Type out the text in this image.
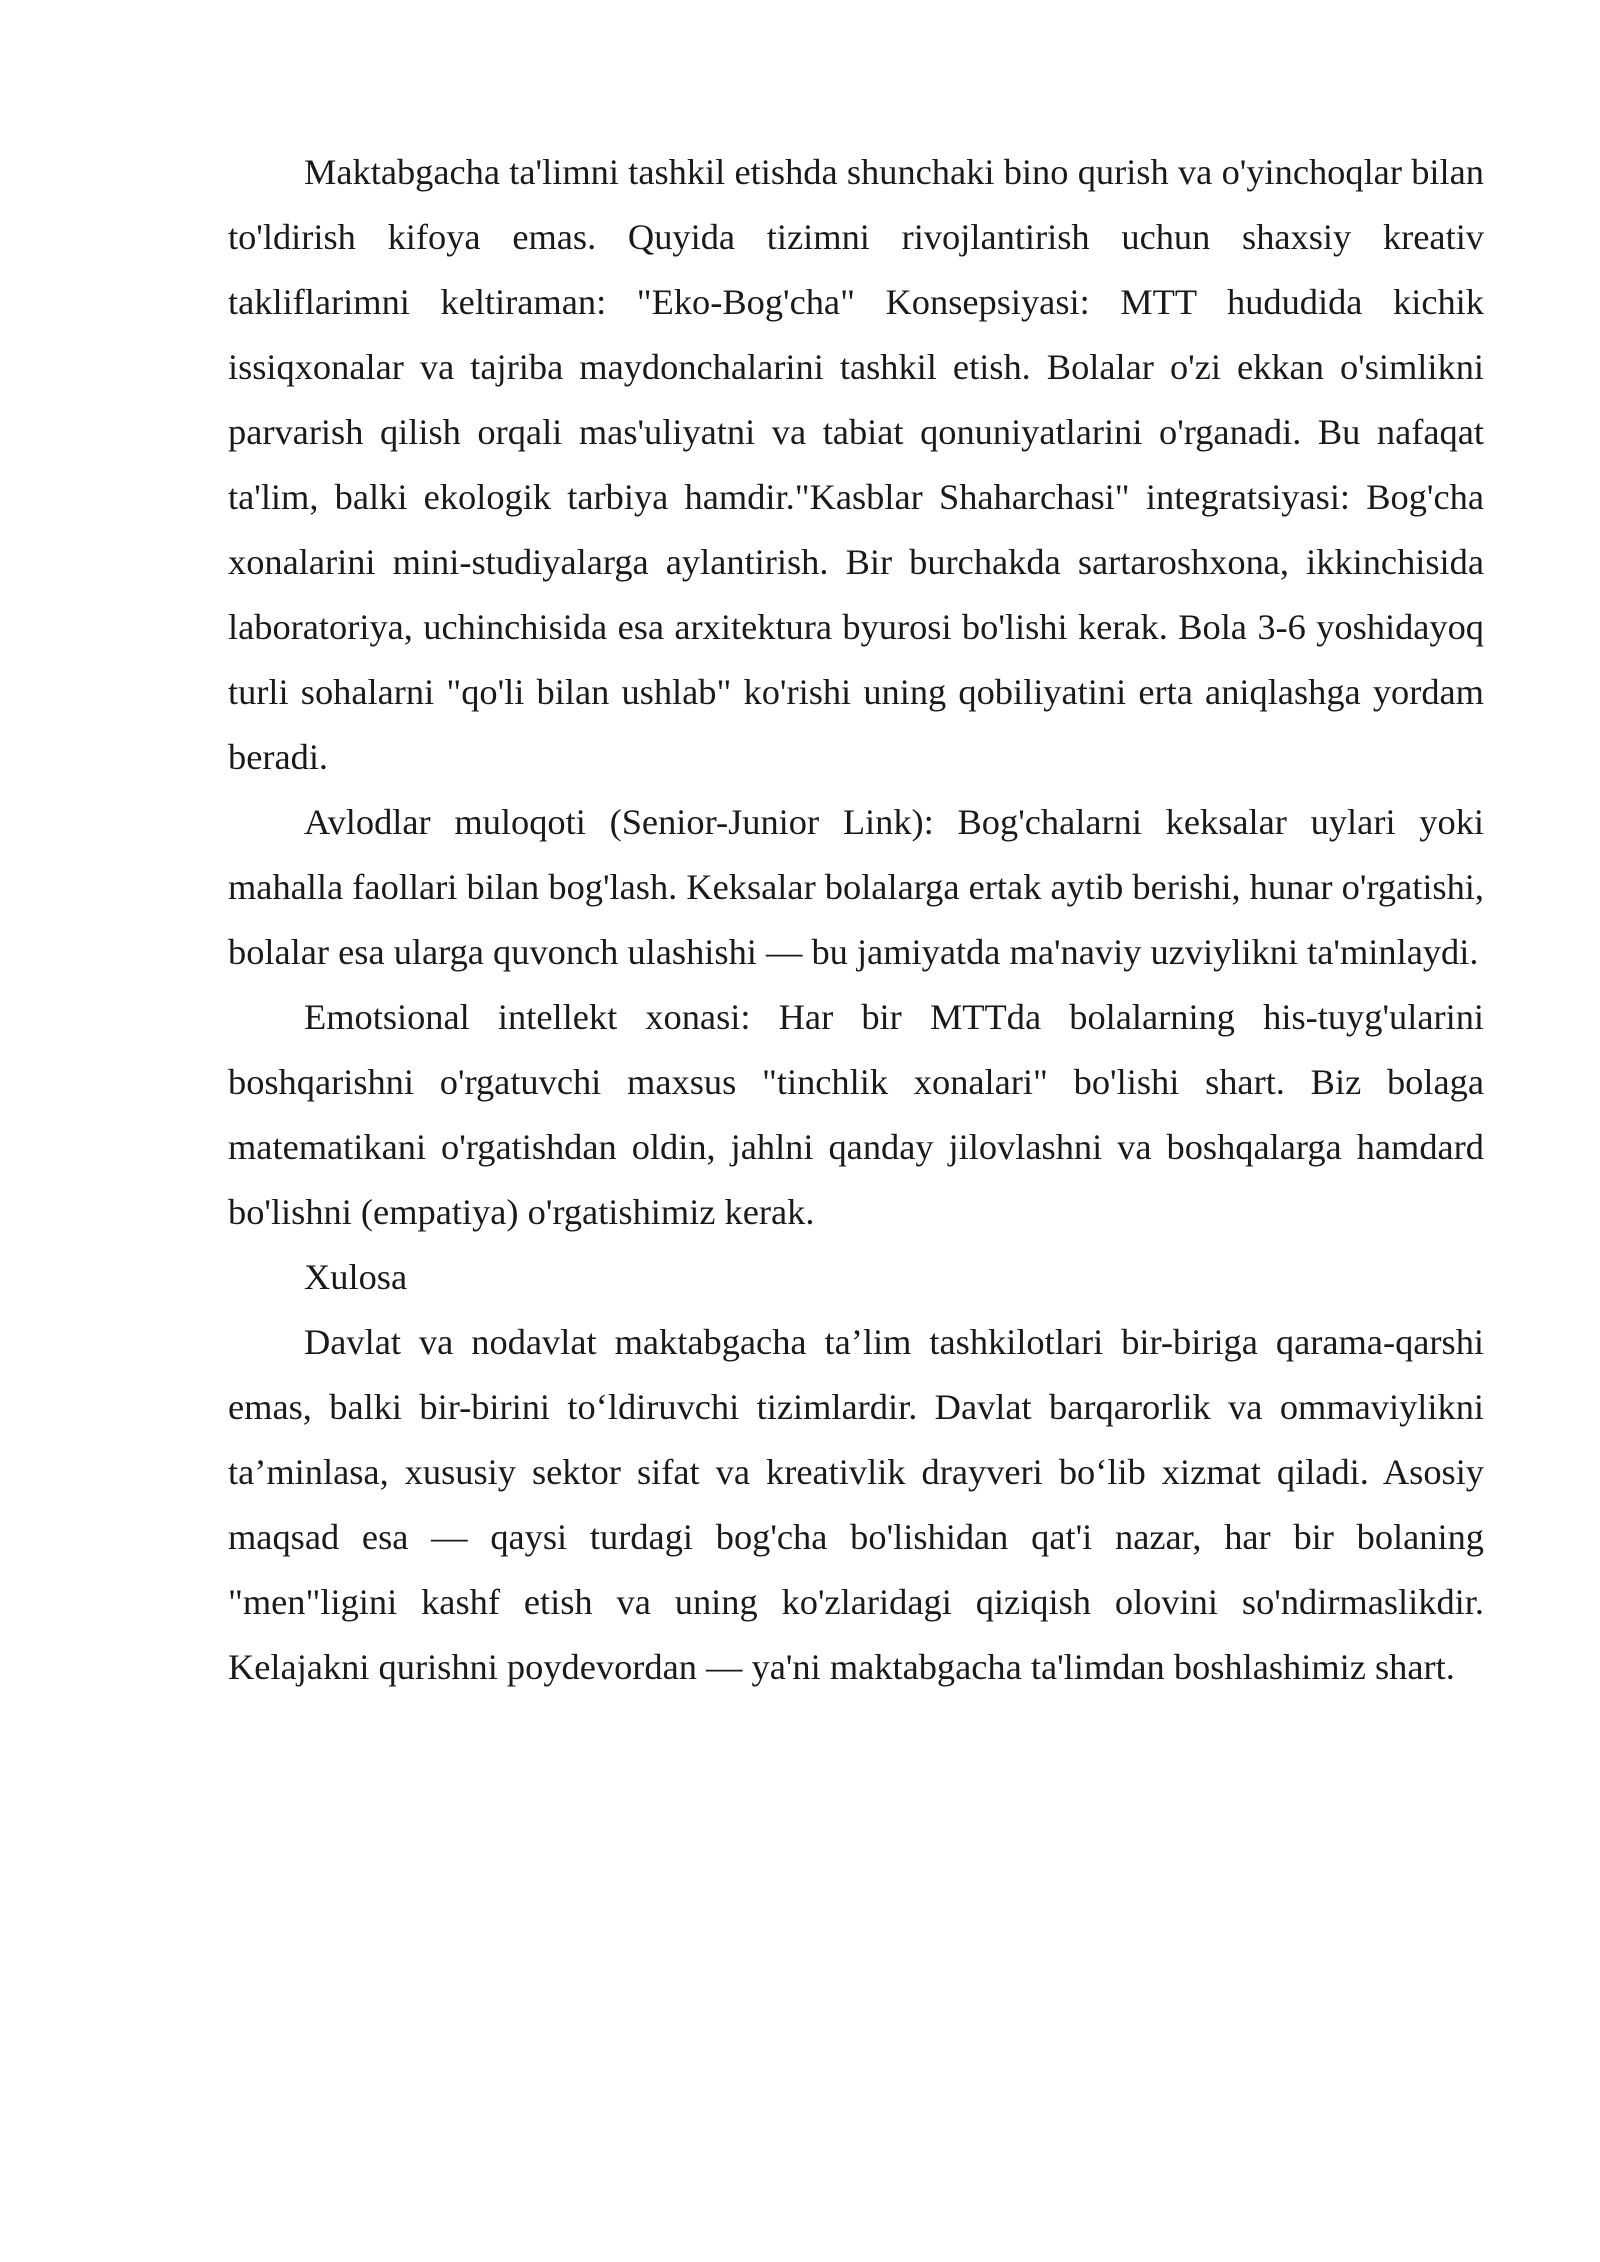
Maktabgacha ta'limni tashkil etishda shunchaki bino qurish va o'yinchoqlar bilan to'ldirish kifoya emas. Quyida tizimni rivojlantirish uchun shaxsiy kreativ takliflarimni keltiraman: "Eko-Bog'cha" Konsepsiyasi: MTT hududida kichik issiqxonalar va tajriba maydonchalarini tashkil etish. Bolalar o'zi ekkan o'simlikni parvarish qilish orqali mas'uliyatni va tabiat qonuniyatlarini o'rganadi. Bu nafaqat ta'lim, balki ekologik tarbiya hamdir."Kasblar Shaharchasi" integratsiyasi: Bog'cha xonalarini mini-studiyalarga aylantirish. Bir burchakda sartaroshxona, ikkinchisida laboratoriya, uchinchisida esa arxitektura byurosi bo'lishi kerak. Bola 3-6 yoshidayoq turli sohalarni "qo'li bilan ushlab" ko'rishi uning qobiliyatini erta aniqlashga yordam beradi.

Avlodlar muloqoti (Senior-Junior Link): Bog'chalarni keksalar uylari yoki mahalla faollari bilan bog'lash. Keksalar bolalarga ertak aytib berishi, hunar o'rgatishi, bolalar esa ularga quvonch ulashishi — bu jamiyatda ma'naviy uzviylikni ta'minlaydi.

Emotsional intellekt xonasi: Har bir MTTda bolalarning his-tuyg'ularini boshqarishni o'rgatuvchi maxsus "tinchlik xonalari" bo'lishi shart. Biz bolaga matematikani o'rgatishdan oldin, jahlni qanday jilovlashni va boshqalarga hamdard bo'lishni (empatiya) o'rgatishimiz kerak.

Xulosa

Davlat va nodavlat maktabgacha ta’lim tashkilotlari bir-biriga qarama-qarshi emas, balki bir-birini to‘ldiruvchi tizimlardir. Davlat barqarorlik va ommaviylikni ta’minlasa, xususiy sektor sifat va kreativlik drayveri bo‘lib xizmat qiladi. Asosiy maqsad esa — qaysi turdagi bog'cha bo'lishidan qat'i nazar, har bir bolaning "men"ligini kashf etish va uning ko'zlaridagi qiziqish olovini so'ndirmaslikdir. Kelajakni qurishni poydevordan — ya'ni maktabgacha ta'limdan boshlashimiz shart.
